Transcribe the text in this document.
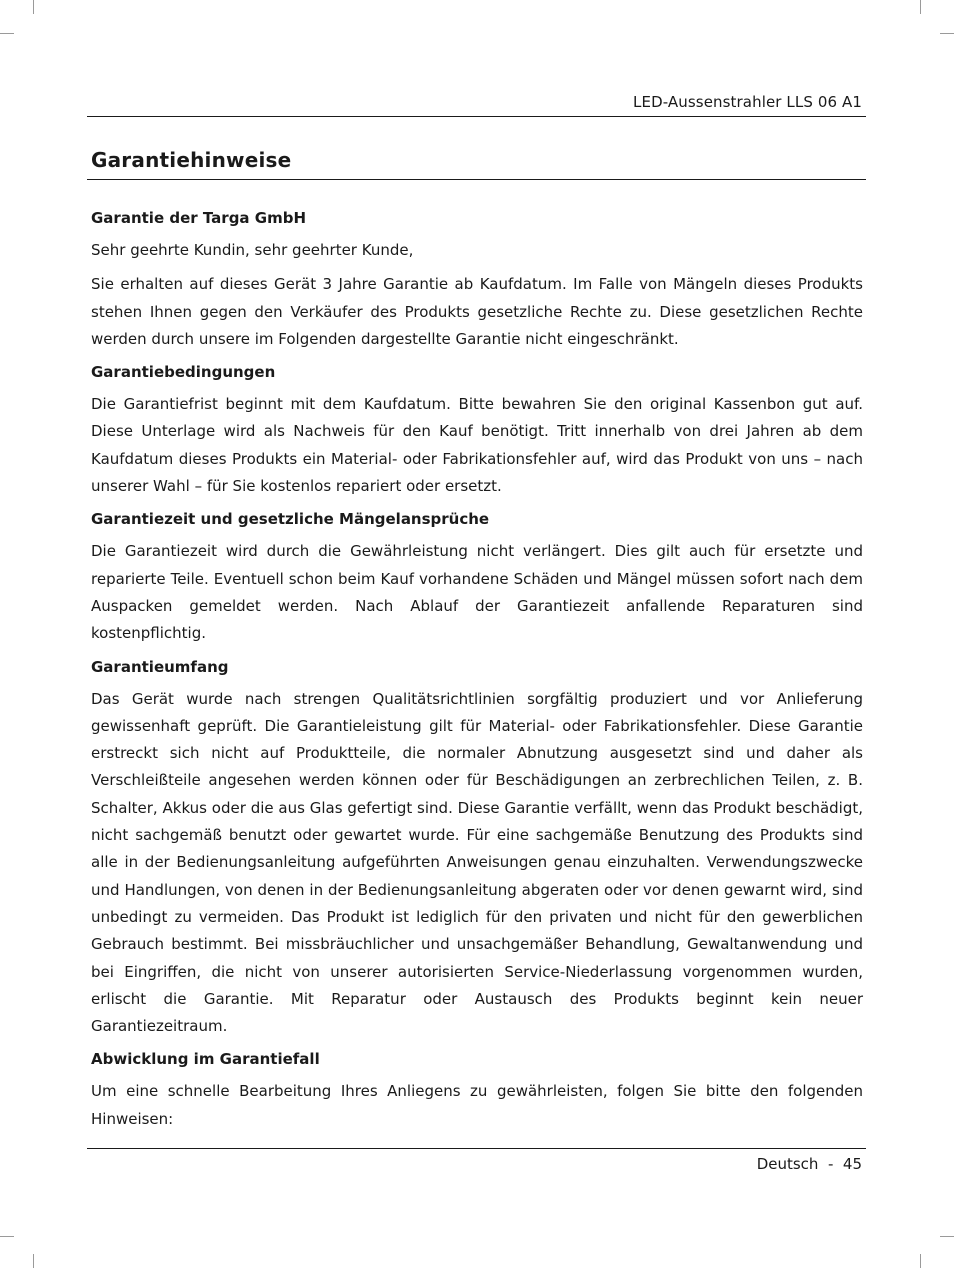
LED-Aussenstrahler LLS 06 A1
Garantiehinweise
Garantie der Targa GmbH

Sehr geehrte Kundin, sehr geehrter Kunde,

Sie erhalten auf dieses Gerät 3 Jahre Garantie ab Kaufdatum. Im Falle von Mängeln dieses Produkts stehen Ihnen gegen den Verkäufer des Produkts gesetzliche Rechte zu. Diese gesetzlichen Rechte werden durch unsere im Folgenden dargestellte Garantie nicht eingeschränkt.

Garantiebedingungen

Die Garantiefrist beginnt mit dem Kaufdatum. Bitte bewahren Sie den original Kassenbon gut auf. Diese Unterlage wird als Nachweis für den Kauf benötigt. Tritt innerhalb von drei Jahren ab dem Kaufdatum dieses Produkts ein Material- oder Fabrikationsfehler auf, wird das Produkt von uns – nach unserer Wahl – für Sie kostenlos repariert oder ersetzt.

Garantiezeit und gesetzliche Mängelansprüche

Die Garantiezeit wird durch die Gewährleistung nicht verlängert. Dies gilt auch für ersetzte und reparierte Teile. Eventuell schon beim Kauf vorhandene Schäden und Mängel müssen sofort nach dem Auspacken gemeldet werden. Nach Ablauf der Garantiezeit anfallende Reparaturen sind kostenpflichtig.

Garantieumfang

Das Gerät wurde nach strengen Qualitätsrichtlinien sorgfältig produziert und vor Anlieferung gewissenhaft geprüft. Die Garantieleistung gilt für Material- oder Fabrikationsfehler. Diese Garantie erstreckt sich nicht auf Produktteile, die normaler Abnutzung ausgesetzt sind und daher als Verschleißteile angesehen werden können oder für Beschädigungen an zerbrechlichen Teilen, z. B. Schalter, Akkus oder die aus Glas gefertigt sind. Diese Garantie verfällt, wenn das Produkt beschädigt, nicht sachgemäß benutzt oder gewartet wurde. Für eine sachgemäße Benutzung des Produkts sind alle in der Bedienungsanleitung aufgeführten Anweisungen genau einzuhalten. Verwendungszwecke und Handlungen, von denen in der Bedienungsanleitung abgeraten oder vor denen gewarnt wird, sind unbedingt zu vermeiden. Das Produkt ist lediglich für den privaten und nicht für den gewerblichen Gebrauch bestimmt. Bei missbräuchlicher und unsachgemäßer Behandlung, Gewaltanwendung und bei Eingriffen, die nicht von unserer autorisierten Service-Niederlassung vorgenommen wurden, erlischt die Garantie. Mit Reparatur oder Austausch des Produkts beginnt kein neuer Garantiezeitraum.

Abwicklung im Garantiefall

Um eine schnelle Bearbeitung Ihres Anliegens zu gewährleisten, folgen Sie bitte den folgenden Hinweisen:

Deutsch  -  45
